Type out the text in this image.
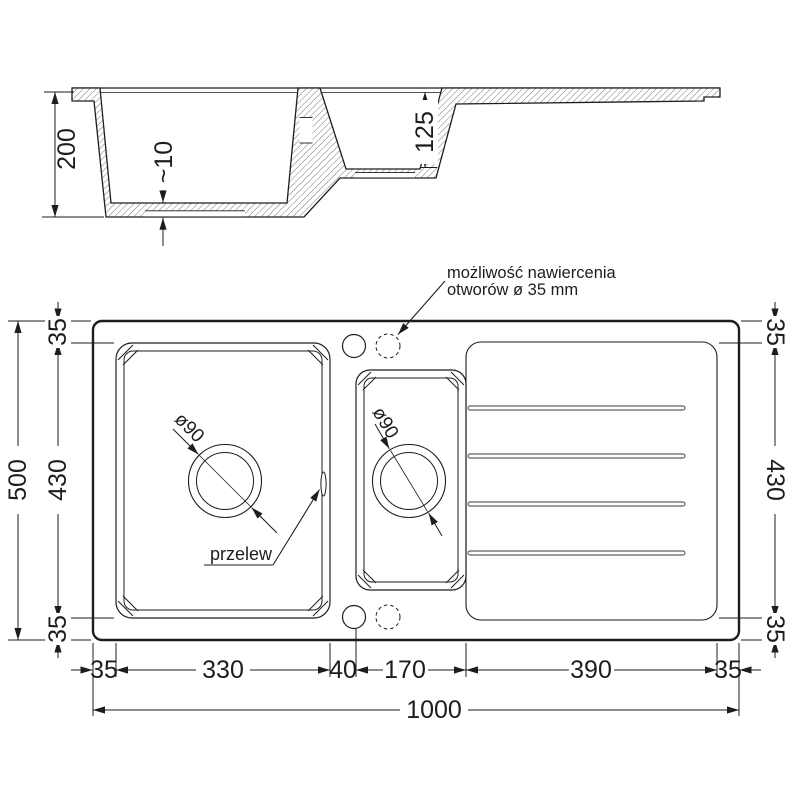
200	~10
125
możliwość nawiercenia
otworów ø 35 mm
przelew
ø90	ø90
500
35
430
35
35
430
35
35	330	40 170	390	35
1000
